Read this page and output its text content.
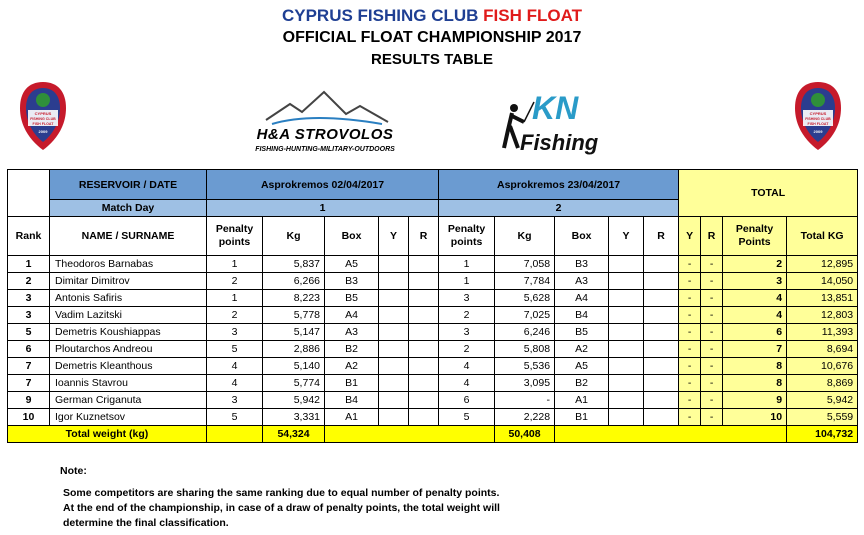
CYPRUS FISHING CLUB FISH FLOAT
OFFICIAL FLOAT CHAMPIONSHIP 2017
RESULTS TABLE
CYPRUS
FISHING CLUB
FISH FLOAT
2009
CYPRUS
FISHING CLUB
FISH FLOAT
2009
H&A STROVOLOS
FISHING-HUNTING-MILITARY-OUTDOORS
KN
Fishing
	RESERVOIR / DATE	Asprokremos 02/04/2017					Asprokremos 23/04/2017					TOTAL			
	Match Day	1					2								
Rank	NAME / SURNAME	Penalty points	Kg	Box	Y	R	Penalty points	Kg	Box	Y	R	Y	R	Penalty Points	Total KG
1	Theodoros Barnabas	1	5,837	A5			1	7,058	B3			-	-	2	12,895
2	Dimitar Dimitrov	2	6,266	B3			1	7,784	A3			-	-	3	14,050
3	Antonis Safiris	1	8,223	B5			3	5,628	A4			-	-	4	13,851
3	Vadim Lazitski	2	5,778	A4			2	7,025	B4			-	-	4	12,803
5	Demetris Koushiappas	3	5,147	A3			3	6,246	B5			-	-	6	11,393
6	Ploutarchos Andreou	5	2,886	B2			2	5,808	A2			-	-	7	8,694
7	Demetris Kleanthous	4	5,140	A2			4	5,536	A5			-	-	8	10,676
7	Ioannis Stavrou	4	5,774	B1			4	3,095	B2			-	-	8	8,869
9	German Criganuta	3	5,942	B4			6	-	A1			-	-	9	5,942
10	Igor Kuznetsov	5	3,331	A1			5	2,228	B1			-	-	10	5,559
Total weight (kg)			54,324					50,408							104,732
Note:
Some competitors are sharing the same ranking due to equal number of penalty points.
At the end of the championship, in case of a draw of penalty points, the total weight will
determine the final classification.
